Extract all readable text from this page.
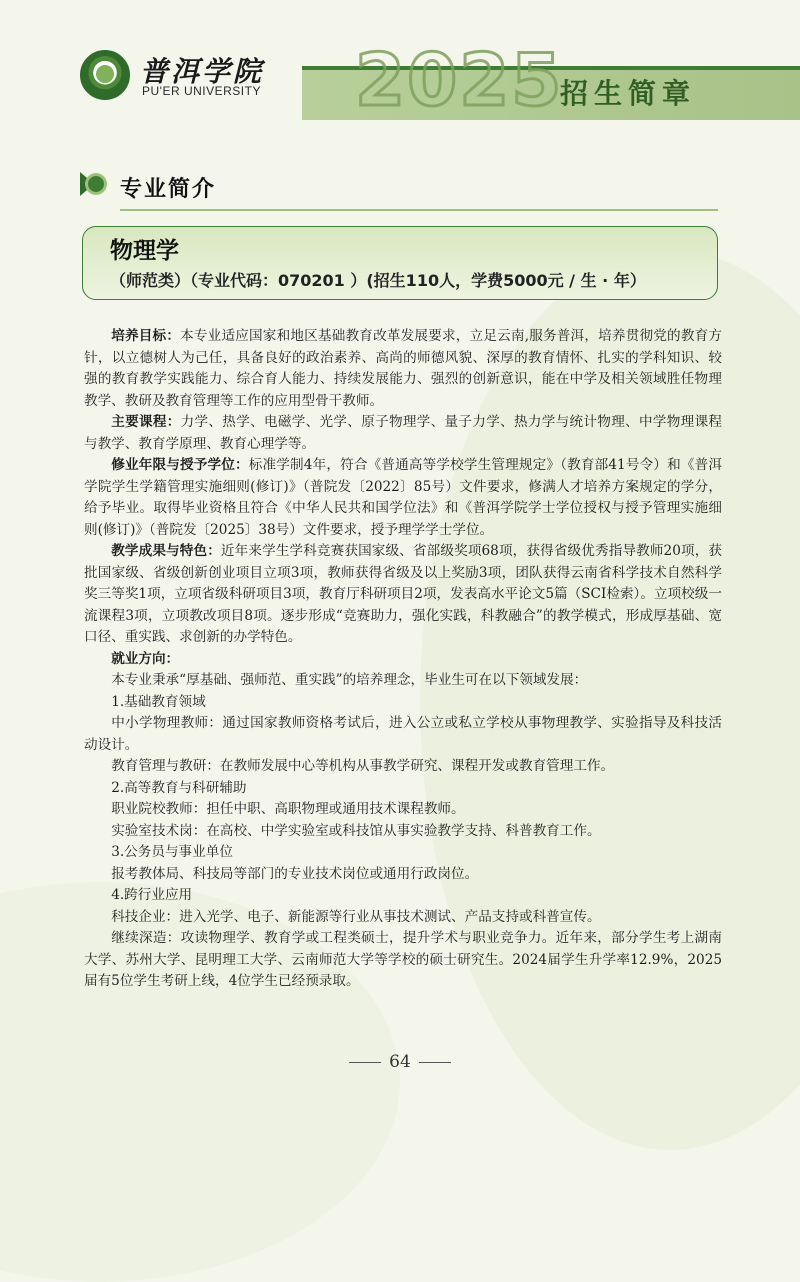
普洱学院
PU'ER UNIVERSITY 2025
招生简章
专业简介
物理学
（师范类）（专业代码：070201 ）(招生110人，学费5000元 / 生 · 年）

培养目标：本专业适应国家和地区基础教育改革发展要求，立足云南,服务普洱，培养贯彻党的教育方针，以立德树人为己任，具备良好的政治素养、高尚的师德风貌、深厚的教育情怀、扎实的学科知识、较强的教育教学实践能力、综合育人能力、持续发展能力、强烈的创新意识，能在中学及相关领域胜任物理教学、教研及教育管理等工作的应用型骨干教师。

主要课程：力学、热学、电磁学、光学、原子物理学、量子力学、热力学与统计物理、中学物理课程与教学、教育学原理、教育心理学等。

修业年限与授予学位：标准学制4年，符合《普通高等学校学生管理规定》（教育部41号令）和《普洱学院学生学籍管理实施细则(修订)》（普院发〔2022〕85号）文件要求，修满人才培养方案规定的学分，给予毕业。取得毕业资格且符合《中华人民共和国学位法》和《普洱学院学士学位授权与授予管理实施细则(修订)》（普院发〔2025〕38号）文件要求，授予理学学士学位。

教学成果与特色：近年来学生学科竞赛获国家级、省部级奖项68项，获得省级优秀指导教师20项，获批国家级、省级创新创业项目立项3项，教师获得省级及以上奖励3项，团队获得云南省科学技术自然科学奖三等奖1项，立项省级科研项目3项，教育厅科研项目2项，发表高水平论文5篇（SCI检索）。立项校级一流课程3项，立项教改项目8项。逐步形成“竞赛助力，强化实践，科教融合”的教学模式，形成厚基础、宽口径、重实践、求创新的办学特色。

就业方向：

本专业秉承“厚基础、强师范、重实践”的培养理念，毕业生可在以下领域发展：

1.基础教育领域

中小学物理教师：通过国家教师资格考试后，进入公立或私立学校从事物理教学、实验指导及科技活动设计。

教育管理与教研：在教师发展中心等机构从事教学研究、课程开发或教育管理工作。

2.高等教育与科研辅助

职业院校教师：担任中职、高职物理或通用技术课程教师。

实验室技术岗：在高校、中学实验室或科技馆从事实验教学支持、科普教育工作。

3.公务员与事业单位

报考教体局、科技局等部门的专业技术岗位或通用行政岗位。

4.跨行业应用

科技企业：进入光学、电子、新能源等行业从事技术测试、产品支持或科普宣传。

继续深造：攻读物理学、教育学或工程类硕士，提升学术与职业竞争力。近年来，部分学生考上湖南大学、苏州大学、昆明理工大学、云南师范大学等学校的硕士研究生。2024届学生升学率12.9%，2025届有5位学生考研上线，4位学生已经预录取。

64
